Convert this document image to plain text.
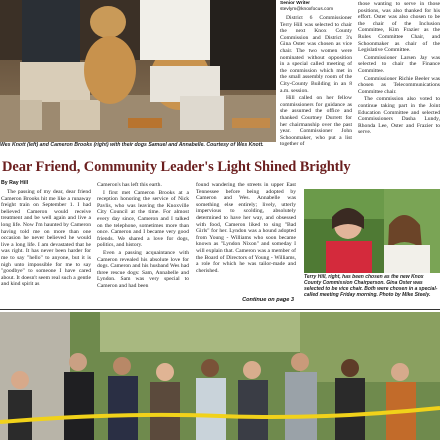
Wes Knott (left) and Cameron Brooks (right) with their dogs Samuel and Annabelle. Courtesy of Wes Knott.
Senior Writer
stevlym@knoxfocus.com

District 6 Commissioner Terry Hill was selected to chair the next Knox County Commission and District 3's Gina Oster was chosen as vice chair. The two women were nominated without opposition in a special called meeting of the commission which met in the small assembly room of the City-County Building in an 8 a.m. session.

Hill called on her fellow commissioners for guidance as she assumed the office and thanked Courtney Durrett for her chairmanship over the past year. Commissioner John Schoonmaker, who put a list together of

those wanting to serve in those positions, was also thanked for his effort. Oster was also chosen to be the chair of the Inclusion Committee, Kim Frazier as the Rules Committee Chair, and Schoonmaker as chair of the Legislative Committee.

Commissioner Larsen Jay was selected to chair the Finance Committee.

Commissioner Richie Beeler was chosen as Telecommunications Committee chair.

The commission also voted to continue taking part in the Joint Education Committee and selected Commissioners Dasha Lundy, Rhonda Lee, Oster and Frazier to serve.

Dear Friend, Community Leader's Light Shined Brightly
By Ray Hill

The passing of my dear, dear friend Cameron Brooks hit me like a runaway freight train on September 1. I had believed Cameron would receive treatment and be well again and live a long life. Now I'm haunted by Cameron having told me on more than one occasion he never believed he would live a long life. I am devastated that he was right. It has never been harder for me to say "hello" to anyone, but it is nigh unto impossible for me to say "goodbye" to someone I have cared about. It doesn't seem real such a gentle and kind spirit as

Cameron's has left this earth.

I first met Cameron Brooks at a reception honoring the service of Nick Pavlis, who was leaving the Knoxville City Council at the time. For almost every day since, Cameron and I talked on the telephone, sometimes more than once. Cameron and I became very good friends. We shared a love for dogs, politics, and history.

Even a passing acquaintance with Cameron revealed his absolute love for dogs. Cameron and his husband Wes had three rescue dogs: Sam, Annabelle and Lyndon. Sam was very special to Cameron and had been

found wandering the streets in upper East Tennessee before being adopted by Cameron and Wes. Annabelle was something else entirely; lively, utterly impervious to scolding, absolutely determined to have her way, and obsessed with food, Cameron liked to sing "Bad Girls" for her. Lyndon was a hound adopted from Young - Williams who soon became known as "Lyndon Nixon" and someday I will explain that. Cameron was a member of the Board of Directors of Young - Williams, a role for which he was tailor-made and cherished.

Continue on page 3
Terry Hill, right, has been chosen as the new Knox County Commission Chairperson. Gina Oster was selected to be vice chair. Both were chosen in a special-called meeting Friday morning. Photo by Mike Steely.
